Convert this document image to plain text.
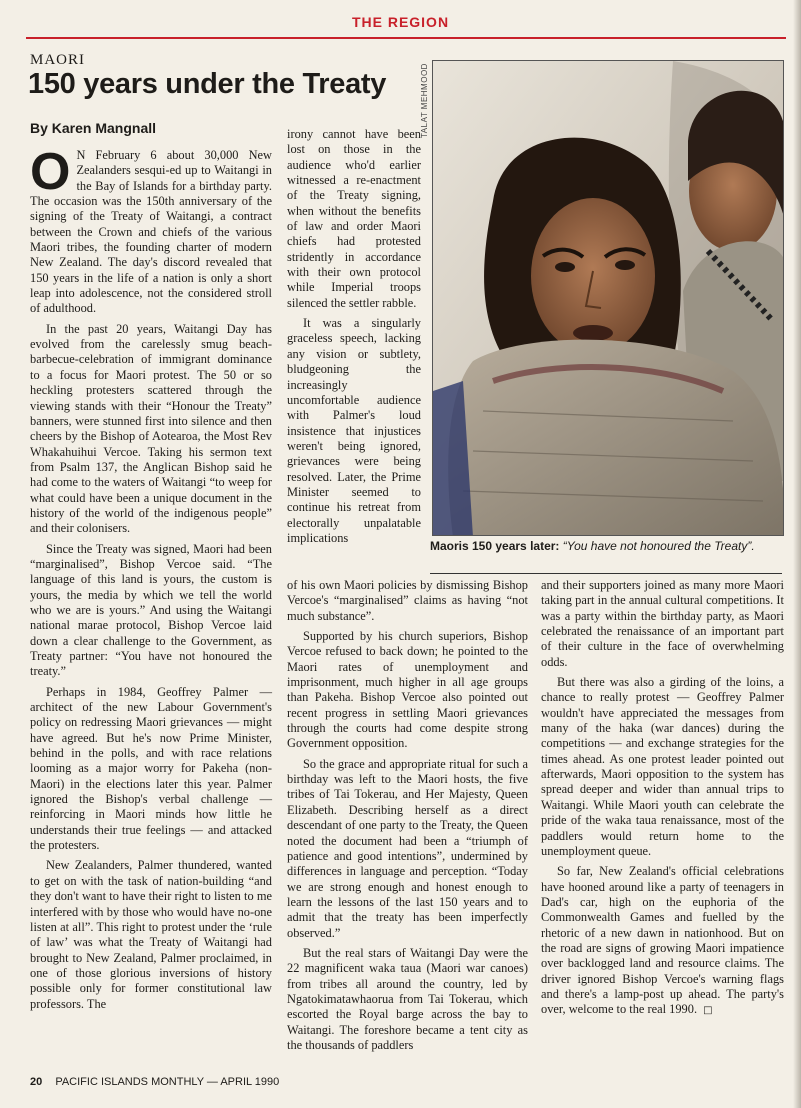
THE REGION
MAORI
150 years under the Treaty
By Karen Mangnall	TALAT MEHMOOD

Maoris 150 years later: “You have not honoured the Treaty”.

O N February 6 about 30,000 New Zealanders sesqui-ed up to Waitangi in the Bay of Islands for a birthday party. The occasion was the 150th anniversary of the signing of the Treaty of Waitangi, a contract between the Crown and chiefs of the various Maori tribes, the founding charter of modern New Zealand. The day's discord revealed that 150 years in the life of a nation is only a short leap into adolescence, not the considered stroll of adulthood.

In the past 20 years, Waitangi Day has evolved from the carelessly smug beach-barbecue-celebration of immigrant dominance to a focus for Maori protest. The 50 or so heckling protesters scattered through the viewing stands with their “Honour the Treaty” banners, were stunned first into silence and then cheers by the Bishop of Aotearoa, the Most Rev Whakahuihui Vercoe. Taking his sermon text from Psalm 137, the Anglican Bishop said he had come to the waters of Waitangi “to weep for what could have been a unique document in the history of the world of the indigenous people” and their colonisers.

Since the Treaty was signed, Maori had been “marginalised”, Bishop Vercoe said. “The language of this land is yours, the custom is yours, the media by which we tell the world who we are is yours.” And using the Waitangi national marae protocol, Bishop Vercoe laid down a clear challenge to the Government, as Treaty partner: “You have not honoured the treaty.”

Perhaps in 1984, Geoffrey Palmer — architect of the new Labour Government's policy on redressing Maori grievances — might have agreed. But he's now Prime Minister, behind in the polls, and with race relations looming as a major worry for Pakeha (non-Maori) in the elections later this year. Palmer ignored the Bishop's verbal challenge — reinforcing in Maori minds how little he understands their true feelings — and attacked the protesters.

New Zealanders, Palmer thundered, wanted to get on with the task of nation-building “and they don't want to have their right to listen to me interfered with by those who would have no-one listen at all”. This right to protest under the ‘rule of law’ was what the Treaty of Waitangi had brought to New Zealand, Palmer proclaimed, in one of those glorious inversions of history possible only for former constitutional law professors. The

irony cannot have been lost on those in the audience who'd earlier witnessed a re-enactment of the Treaty signing, when without the benefits of law and order Maori chiefs had protested stridently in accordance with their own protocol while Imperial troops silenced the settler rabble.

It was a singularly graceless speech, lacking any vision or subtlety, bludgeoning the increasingly uncomfortable audience with Palmer's loud insistence that injustices weren't being ignored, grievances were being resolved. Later, the Prime Minister seemed to continue his retreat from electorally unpalatable implications

of his own Maori policies by dismissing Bishop Vercoe's “marginalised” claims as having “not much substance”.

Supported by his church superiors, Bishop Vercoe refused to back down; he pointed to the Maori rates of unemployment and imprisonment, much higher in all age groups than Pakeha. Bishop Vercoe also pointed out recent progress in settling Maori grievances through the courts had come despite strong Government opposition.

So the grace and appropriate ritual for such a birthday was left to the Maori hosts, the five tribes of Tai Tokerau, and Her Majesty, Queen Elizabeth. Describing herself as a direct descendant of one party to the Treaty, the Queen noted the document had been a “triumph of patience and good intentions”, undermined by differences in language and perception. “Today we are strong enough and honest enough to learn the lessons of the last 150 years and to admit that the treaty has been imperfectly observed.”

But the real stars of Waitangi Day were the 22 magnificent waka taua (Maori war canoes) from tribes all around the country, led by Ngatokimatawhaorua from Tai Tokerau, which escorted the Royal barge across the bay to Waitangi. The foreshore became a tent city as the thousands of paddlers

and their supporters joined as many more Maori taking part in the annual cultural competitions. It was a party within the birthday party, as Maori celebrated the renaissance of an important part of their culture in the face of overwhelming odds.

But there was also a girding of the loins, a chance to really protest — Geoffrey Palmer wouldn't have appreciated the messages from many of the haka (war dances) during the competitions — and exchange strategies for the times ahead. As one protest leader pointed out afterwards, Maori opposition to the system has spread deeper and wider than annual trips to Waitangi. While Maori youth can celebrate the pride of the waka taua renaissance, most of the paddlers would return home to the unemployment queue.

So far, New Zealand's official celebrations have hooned around like a party of teenagers in Dad's car, high on the euphoria of the Commonwealth Games and fuelled by the rhetoric of a new dawn in nationhood. But on the road are signs of growing Maori impatience over backlogged land and resource claims. The driver ignored Bishop Vercoe's warning flags and there's a lamp-post up ahead. The party's over, welcome to the real 1990. □

20 PACIFIC ISLANDS MONTHLY — APRIL 1990
